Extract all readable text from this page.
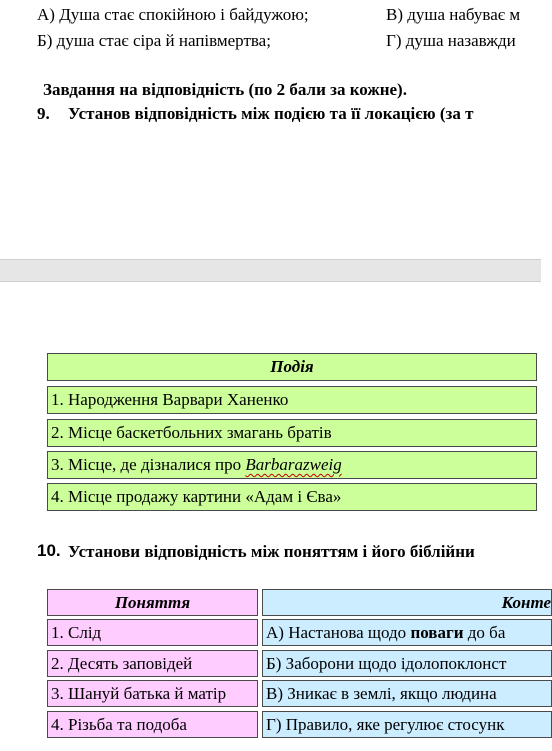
А) Душа стає спокійною і байдужою;	В) душа набуває м
Б) душа стає сіра й напівмертва;	Г) душа назавжди
Завдання на відповідність (по 2 бали за кожне).
9. Установ відповідність між подією та її локацією (за т
Подія
1. Народження Варвари Ханенко
2. Місце баскетбольних змагань братів
3. Місце, де дізналися про Barbarazweig
4. Місце продажу картини «Адам і Єва»
10. Установи відповідність між поняттям і його біблійни
Поняття	Конте
1. Слід	А) Настанова щодо поваги до ба
2. Десять заповідей	Б) Заборони щодо ідолопоклонст
3. Шануй батька й матір	В) Зникає в землі, якщо людина
4. Різьба та подоба	Г) Правило, яке регулює стосунк
